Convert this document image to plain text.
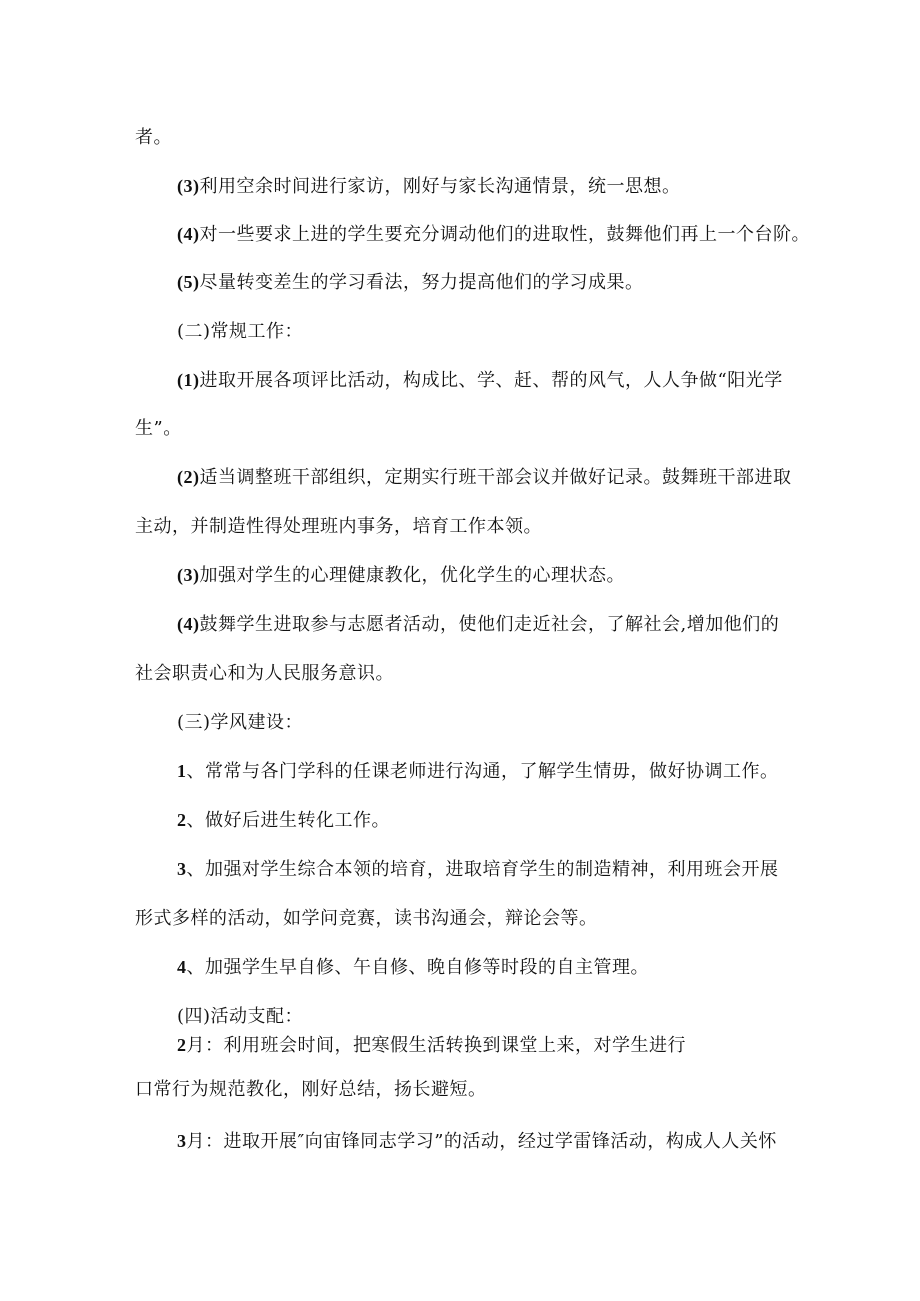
者。
(3)利用空余时间进行家访，刚好与家长沟通情景，统一思想。
(4)对一些要求上进的学生要充分调动他们的进取性，鼓舞他们再上一个台阶。
(5)尽量转变差生的学习看法，努力提高他们的学习成果。
(二)常规工作：
(1)进取开展各项评比活动，构成比、学、赶、帮的风气，人人争做“阳光学
生”。
(2)适当调整班干部组织，定期实行班干部会议并做好记录。鼓舞班干部进取
主动，并制造性得处理班内事务，培育工作本领。
(3)加强对学生的心理健康教化，优化学生的心理状态。
(4)鼓舞学生进取参与志愿者活动，使他们走近社会，了解社会,增加他们的
社会职责心和为人民服务意识。
(三)学风建设：
1、常常与各门学科的任课老师进行沟通，了解学生情毋，做好协调工作。
2、做好后进生转化工作。
3、加强对学生综合本领的培育，进取培育学生的制造精神，利用班会开展
形式多样的活动，如学问竞赛，读书沟通会，辩论会等。
4、加强学生早自修、午自修、晚自修等时段的自主管理。
(四)活动支配：
2月：利用班会时间，把寒假生活转换到课堂上来，对学生进行
口常行为规范教化，刚好总结，扬长避短。
3月：进取开展″向宙锋同志学习”的活动，经过学雷锋活动，构成人人关怀
